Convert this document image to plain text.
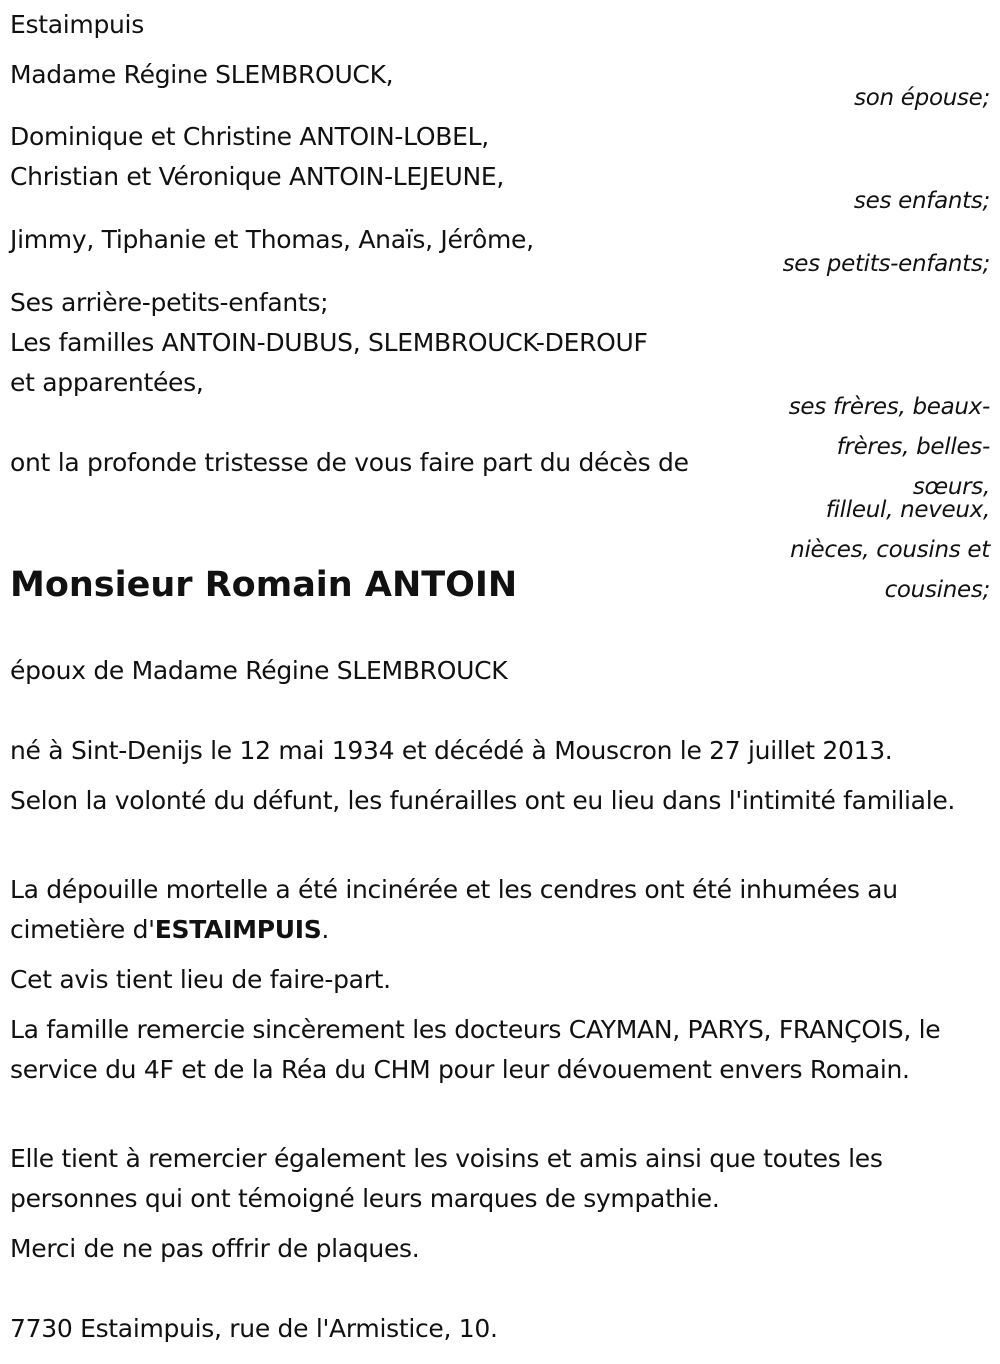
Estaimpuis
Madame Régine SLEMBROUCK,
son épouse;
Dominique et Christine ANTOIN-LOBEL,
Christian et Véronique ANTOIN-LEJEUNE,
ses enfants;
Jimmy, Tiphanie et Thomas, Anaïs, Jérôme,
ses petits-enfants;
Ses arrière-petits-enfants;
Les familles ANTOIN-DUBUS, SLEMBROUCK-DEROUF
et apparentées,
ses frères, beaux-frères, belles-sœurs,
filleul, neveux, nièces, cousins et cousines;
ont la profonde tristesse de vous faire part du décès de
Monsieur Romain ANTOIN
époux de Madame Régine SLEMBROUCK
né à Sint-Denijs le 12 mai 1934 et décédé à Mouscron le 27 juillet 2013.
Selon la volonté du défunt, les funérailles ont eu lieu dans l'intimité familiale.
La dépouille mortelle a été incinérée et les cendres ont été inhumées au cimetière d'ESTAIMPUIS.
Cet avis tient lieu de faire-part.
La famille remercie sincèrement les docteurs CAYMAN, PARYS, FRANÇOIS, le service du 4F et de la Réa du CHM pour leur dévouement envers Romain.
Elle tient à remercier également les voisins et amis ainsi que toutes les personnes qui ont témoigné leurs marques de sympathie.
Merci de ne pas offrir de plaques.
7730 Estaimpuis, rue de l'Armistice, 10.
